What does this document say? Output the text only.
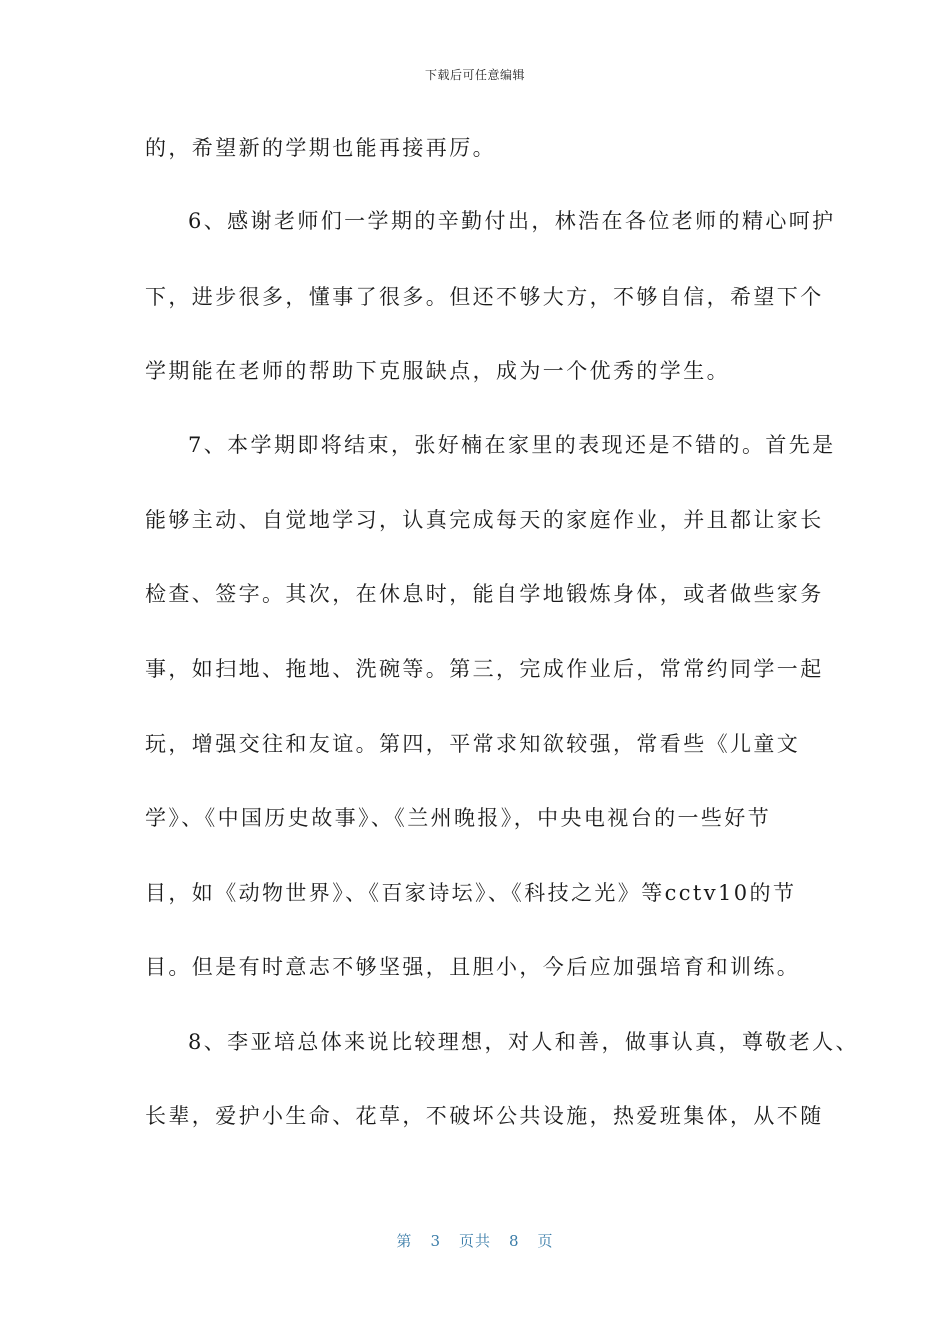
下载后可任意编辑
的，希望新的学期也能再接再厉。
6、感谢老师们一学期的辛勤付出，林浩在各位老师的精心呵护
下，进步很多，懂事了很多。但还不够大方，不够自信，希望下个
学期能在老师的帮助下克服缺点，成为一个优秀的学生。
7、本学期即将结束，张好楠在家里的表现还是不错的。首先是
能够主动、自觉地学习，认真完成每天的家庭作业，并且都让家长
检查、签字。其次，在休息时，能自学地锻炼身体，或者做些家务
事，如扫地、拖地、洗碗等。第三，完成作业后，常常约同学一起
玩，增强交往和友谊。第四，平常求知欲较强，常看些《儿童文
学》、《中国历史故事》、《兰州晚报》，中央电视台的一些好节
目，如《动物世界》、《百家诗坛》、《科技之光》等cctv10的节
目。但是有时意志不够坚强，且胆小，今后应加强培育和训练。
8、李亚培总体来说比较理想，对人和善，做事认真，尊敬老人、
长辈，爱护小生命、花草，不破坏公共设施，热爱班集体，从不随
第 3 页共 8 页
